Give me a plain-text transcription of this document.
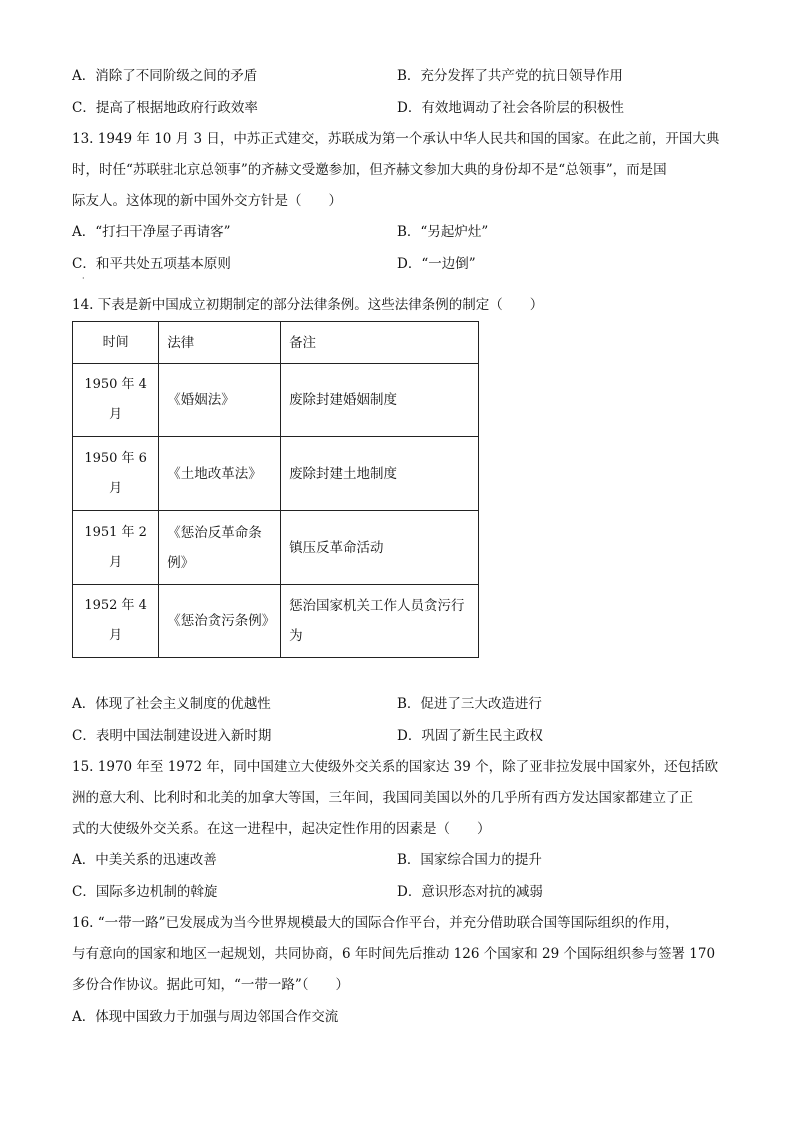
A．消除了不同阶级之间的矛盾	B．充分发挥了共产党的抗日领导作用
C．提高了根据地政府行政效率	D．有效地调动了社会各阶层的积极性
13. 1949 年 10 月 3 日，中苏正式建交，苏联成为第一个承认中华人民共和国的国家。在此之前，开国大典
时，时任“苏联驻北京总领事”的齐赫文受邀参加，但齐赫文参加大典的身份却不是“总领事”，而是国
际友人。这体现的新中国外交方针是（　　）
A．“打扫干净屋子再请客”	B．“另起炉灶”
C．和平共处五项基本原则	D．“一边倒”
·
14. 下表是新中国成立初期制定的部分法律条例。这些法律条例的制定（　　）
时间	法律	备注
1950 年 4 月	《婚姻法》	废除封建婚姻制度
1950 年 6 月	《土地改革法》	废除封建土地制度
1951 年 2 月	《惩治反革命条例》	镇压反革命活动
1952 年 4 月	《惩治贪污条例》	惩治国家机关工作人员贪污行为
A．体现了社会主义制度的优越性	B．促进了三大改造进行
C．表明中国法制建设进入新时期	D．巩固了新生民主政权
15. 1970 年至 1972 年，同中国建立大使级外交关系的国家达 39 个，除了亚非拉发展中国家外，还包括欧
洲的意大利、比利时和北美的加拿大等国，三年间，我国同美国以外的几乎所有西方发达国家都建立了正
式的大使级外交关系。在这一进程中，起决定性作用的因素是（　　）
A．中美关系的迅速改善	B．国家综合国力的提升
C．国际多边机制的斡旋	D．意识形态对抗的减弱
16. “一带一路”已发展成为当今世界规模最大的国际合作平台，并充分借助联合国等国际组织的作用，
与有意向的国家和地区一起规划，共同协商，6 年时间先后推动 126 个国家和 29 个国际组织参与签署 170
多份合作协议。据此可知，“一带一路”（　　）
A．体现中国致力于加强与周边邻国合作交流
